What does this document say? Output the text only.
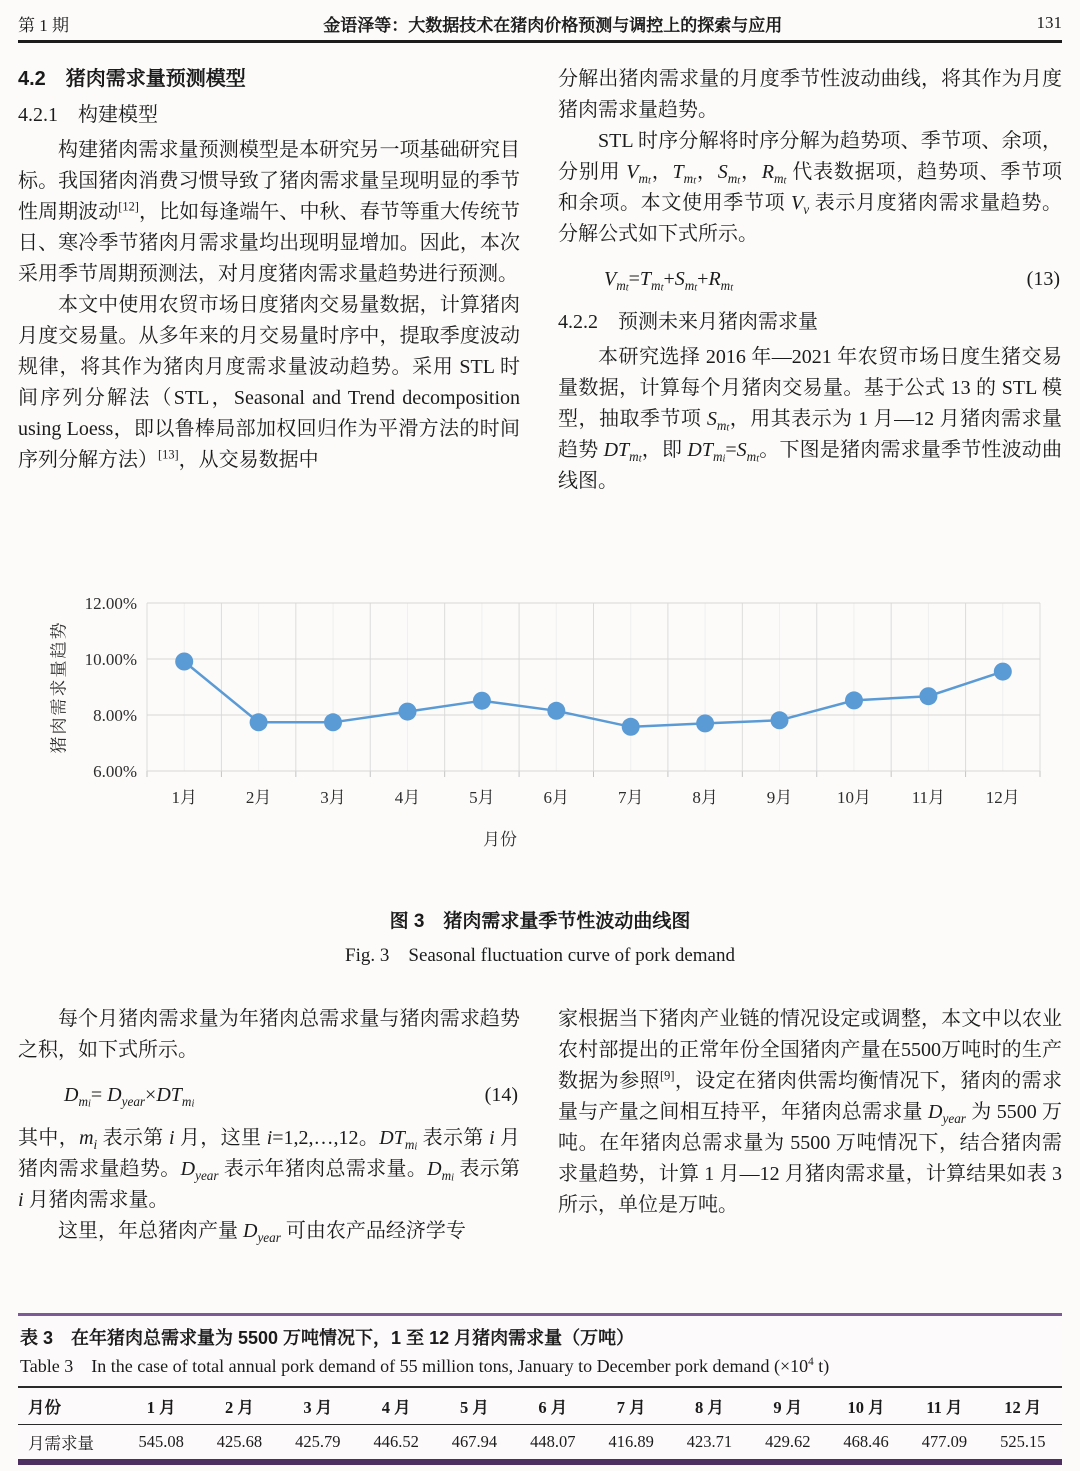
第 1 期	金语泽等：大数据技术在猪肉价格预测与调控上的探索与应用	131
4.2　猪肉需求量预测模型
4.2.1　构建模型

构建猪肉需求量预测模型是本研究另一项基础研究目标。我国猪肉消费习惯导致了猪肉需求量呈现明显的季节性周期波动[12]，比如每逢端午、中秋、春节等重大传统节日、寒冷季节猪肉月需求量均出现明显增加。因此，本次采用季节周期预测法，对月度猪肉需求量趋势进行预测。

本文中使用农贸市场日度猪肉交易量数据，计算猪肉月度交易量。从多年来的月交易量时序中，提取季度波动规律，将其作为猪肉月度需求量波动趋势。采用 STL 时间序列分解法（STL，Seasonal and Trend decomposition using Loess，即以鲁棒局部加权回归作为平滑方法的时间序列分解方法）[13]，从交易数据中

分解出猪肉需求量的月度季节性波动曲线，将其作为月度猪肉需求量趋势。

STL 时序分解将时序分解为趋势项、季节项、余项，分别用 $V_{mt}$，$T_{mt}$，$S_{mt}$，$R_{mt}$ 代表数据项，趋势项、季节项和余项。本文使用季节项 $V_v$ 表示月度猪肉需求量趋势。分解公式如下式所示。

$V_{mt}=T_{mt}+S_{mt}+R_{mt}$	(13)
4.2.2　预测未来月猪肉需求量

本研究选择 2016 年—2021 年农贸市场日度生猪交易量数据，计算每个月猪肉交易量。基于公式 13 的 STL 模型，抽取季节项 $S_{mt}$，用其表示为 1 月—12 月猪肉需求量趋势 $DT_{mt}$，即 $DT_{mi}=S_{mt}$。下图是猪肉需求量季节性波动曲线图。

12.00%
10.00%
8.00%
6.00%
1月	2月	3月	4月	5月	6月	7月	8月	9月	10月 11月 12月
月份
猪肉需求量趋势
图 3　猪肉需求量季节性波动曲线图
Fig. 3　Seasonal fluctuation curve of pork demand

每个月猪肉需求量为年猪肉总需求量与猪肉需求趋势之积，如下式所示。

$D_{mi}= D_{year}\times DT_{mi}$	(14)

其中，$m_i$ 表示第 i 月，这里 i=1,2,…,12。$DT_{mi}$ 表示第 i 月猪肉需求量趋势。$D_{year}$ 表示年猪肉总需求量。$D_{mi}$ 表示第 i 月猪肉需求量。

这里，年总猪肉产量 $D_{year}$ 可由农产品经济学专

家根据当下猪肉产业链的情况设定或调整，本文中以农业农村部提出的正常年份全国猪肉产量在5500万吨时的生产数据为参照[9]，设定在猪肉供需均衡情况下，猪肉的需求量与产量之间相互持平，年猪肉总需求量 $D_{year}$ 为 5500 万吨。在年猪肉总需求量为 5500 万吨情况下，结合猪肉需求量趋势，计算 1 月—12 月猪肉需求量，计算结果如表 3 所示，单位是万吨。

表 3　在年猪肉总需求量为 5500 万吨情况下，1 至 12 月猪肉需求量（万吨）
Table 3　In the case of total annual pork demand of 55 million tons, January to December pork demand ($\times 10^4$ t)
月份	1 月	2 月	3 月	4 月	5 月	6 月	7 月	8 月	9 月	10 月	11 月	12 月
月需求量	545.08	425.68	425.79	446.52	467.94	448.07	416.89	423.71	429.62	468.46	477.09	525.15
